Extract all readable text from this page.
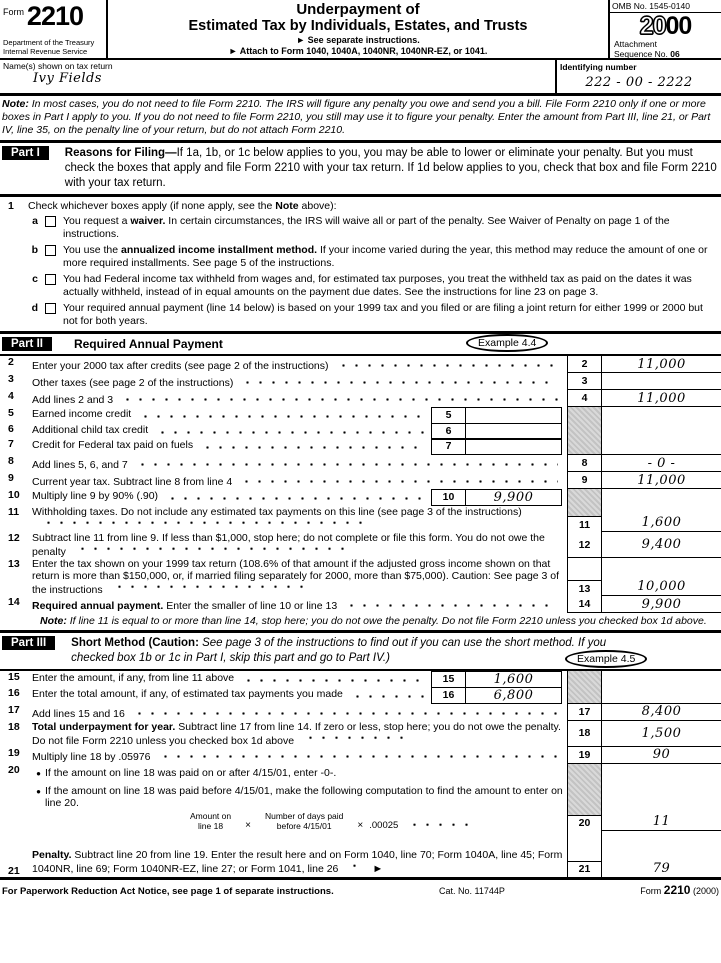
Form 2210
Department of the Treasury
Internal Revenue Service
Underpayment of
Estimated Tax by Individuals, Estates, and Trusts
► See separate instructions.
► Attach to Form 1040, 1040A, 1040NR, 1040NR-EZ, or 1041.
OMB No. 1545-0140
2000
Attachment
Sequence No. 06
Name(s) shown on tax return
Ivy Fields
Identifying number
222 - 00 - 2222
Note: In most cases, you do not need to file Form 2210. The IRS will figure any penalty you owe and send you a bill. File Form 2210 only if one or more boxes in Part I apply to you. If you do not need to file Form 2210, you still may use it to figure your penalty. Enter the amount from Part III, line 21, or Part IV, line 35, on the penalty line of your return, but do not attach Form 2210.
Part I	Reasons for Filing—If 1a, 1b, or 1c below applies to you, you may be able to lower or eliminate your penalty. But you must check the boxes that apply and file Form 2210 with your tax return. If 1d below applies to you, check that box and file Form 2210 with your tax return.
1	Check whichever boxes apply (if none apply, see the Note above):
a You request a waiver. In certain circumstances, the IRS will waive all or part of the penalty. See Waiver of Penalty on page 1 of the instructions.
b You use the annualized income installment method. If your income varied during the year, this method may reduce the amount of one or more required installments. See page 5 of the instructions.
c You had Federal income tax withheld from wages and, for estimated tax purposes, you treat the withheld tax as paid on the dates it was actually withheld, instead of in equal amounts on the payment due dates. See the instructions for line 23 on page 3.
d Your required annual payment (line 14 below) is based on your 1999 tax and you filed or are filing a joint return for either 1999 or 2000 but not for both years.
Part II	Required Annual Payment	Example 4.4
2	Enter your 2000 tax after credits (see page 2 of the instructions)	2	11,000
3	Other taxes (see page 2 of the instructions)	3
4	Add lines 2 and 3	4	11,000
5	Earned income credit	5
6	Additional child tax credit	6
7	Credit for Federal tax paid on fuels	7
8	Add lines 5, 6, and 7	8	- 0 -
9	Current year tax. Subtract line 8 from line 4	9	11,000
10	Multiply line 9 by 90% (.90)	10	9,900
11	Withholding taxes. Do not include any estimated tax payments on this line (see page 3 of the instructions)
11	1,600
12	Subtract line 11 from line 9. If less than $1,000, stop here; do not complete or file this form. You do not owe the penalty
12	9,400
13	Enter the tax shown on your 1999 tax return (108.6% of that amount if the adjusted gross income shown on that return is more than $150,000, or, if married filing separately for 2000, more than $75,000). Caution: See page 3 of the instructions	13	10,000
14	Required annual payment. Enter the smaller of line 10 or line 13	14	9,900
Note: If line 11 is equal to or more than line 14, stop here; you do not owe the penalty. Do not file Form 2210 unless you checked box 1d above.
Part III	Short Method (Caution: See page 3 of the instructions to find out if you can use the short method. If you checked box 1b or 1c in Part I, skip this part and go to Part IV.)	Example 4.5
15	Enter the amount, if any, from line 11 above	15	1,600
16	Enter the total amount, if any, of estimated tax payments you made	16	6,800
17	Add lines 15 and 16	17	8,400
18	Total underpayment for year. Subtract line 17 from line 14. If zero or less, stop here; you do not owe the penalty. Do not file Form 2210 unless you checked box 1d above
18	1,500
19	Multiply line 18 by .05976	19	90
20	● If the amount on line 18 was paid on or after 4/15/01, enter -0-.
● If the amount on line 18 was paid before 4/15/01, make the following computation to find the amount to enter on line 20.
Amount on
line 18	×
Number of days paid
before 4/15/01	× .00025	20	11
21
Penalty. Subtract line 20 from line 19. Enter the result here and on Form 1040, line 70; Form 1040A, line 45; Form 1040NR, line 69; Form 1040NR-EZ, line 27; or Form 1041, line 26	►	21	79
For Paperwork Reduction Act Notice, see page 1 of separate instructions.	Cat. No. 11744P	Form 2210 (2000)
